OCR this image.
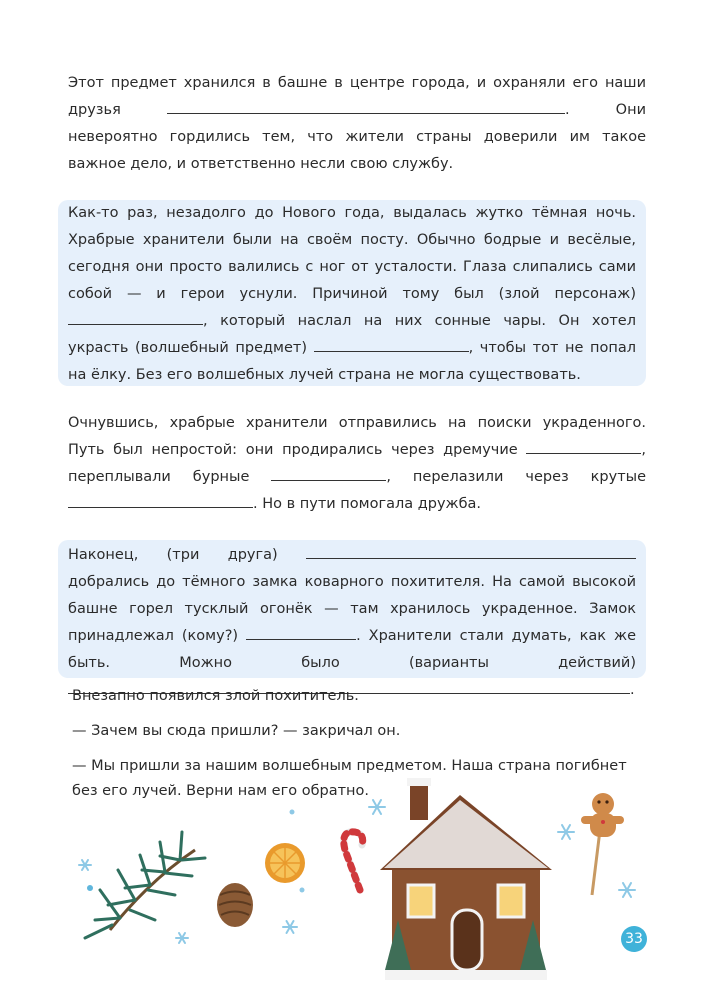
Этот предмет хранился в башне в центре города, и охраняли его наши друзья	. Они невероятно гордились тем, что жители страны доверили им такое важное дело, и ответственно несли свою службу.

Как-то раз, незадолго до Нового года, выдалась жутко тёмная ночь. Храбрые хранители были на своём посту. Обычно бодрые и весёлые, сегодня они просто валились с ног от усталости. Глаза слипались сами собой — и герои уснули. Причиной тому был (злой персонаж) , который наслал на них сонные чары. Он хотел украсть (волшебный предмет)	, чтобы тот не попал на ёлку. Без его волшебных лучей страна не могла существовать.

Очнувшись, храбрые хранители отправились на поиски украденного. Путь был непростой: они продирались через дремучие	, переплывали бурные	, перелазили через крутые . Но в пути помогала дружба.

Наконец, (три друга)  добрались до тёмного замка коварного похитителя. На самой высокой башне горел тусклый огонёк — там хранилось украденное. Замок принадлежал (кому?)	. Хранители стали думать, как же быть. Можно было (варианты действий) .

Внезапно появился злой похититель.

— Зачем вы сюда пришли? — закричал он.

— Мы пришли за нашим волшебным предметом. Наша страна погибнет без его лучей. Верни нам его обратно.

33
